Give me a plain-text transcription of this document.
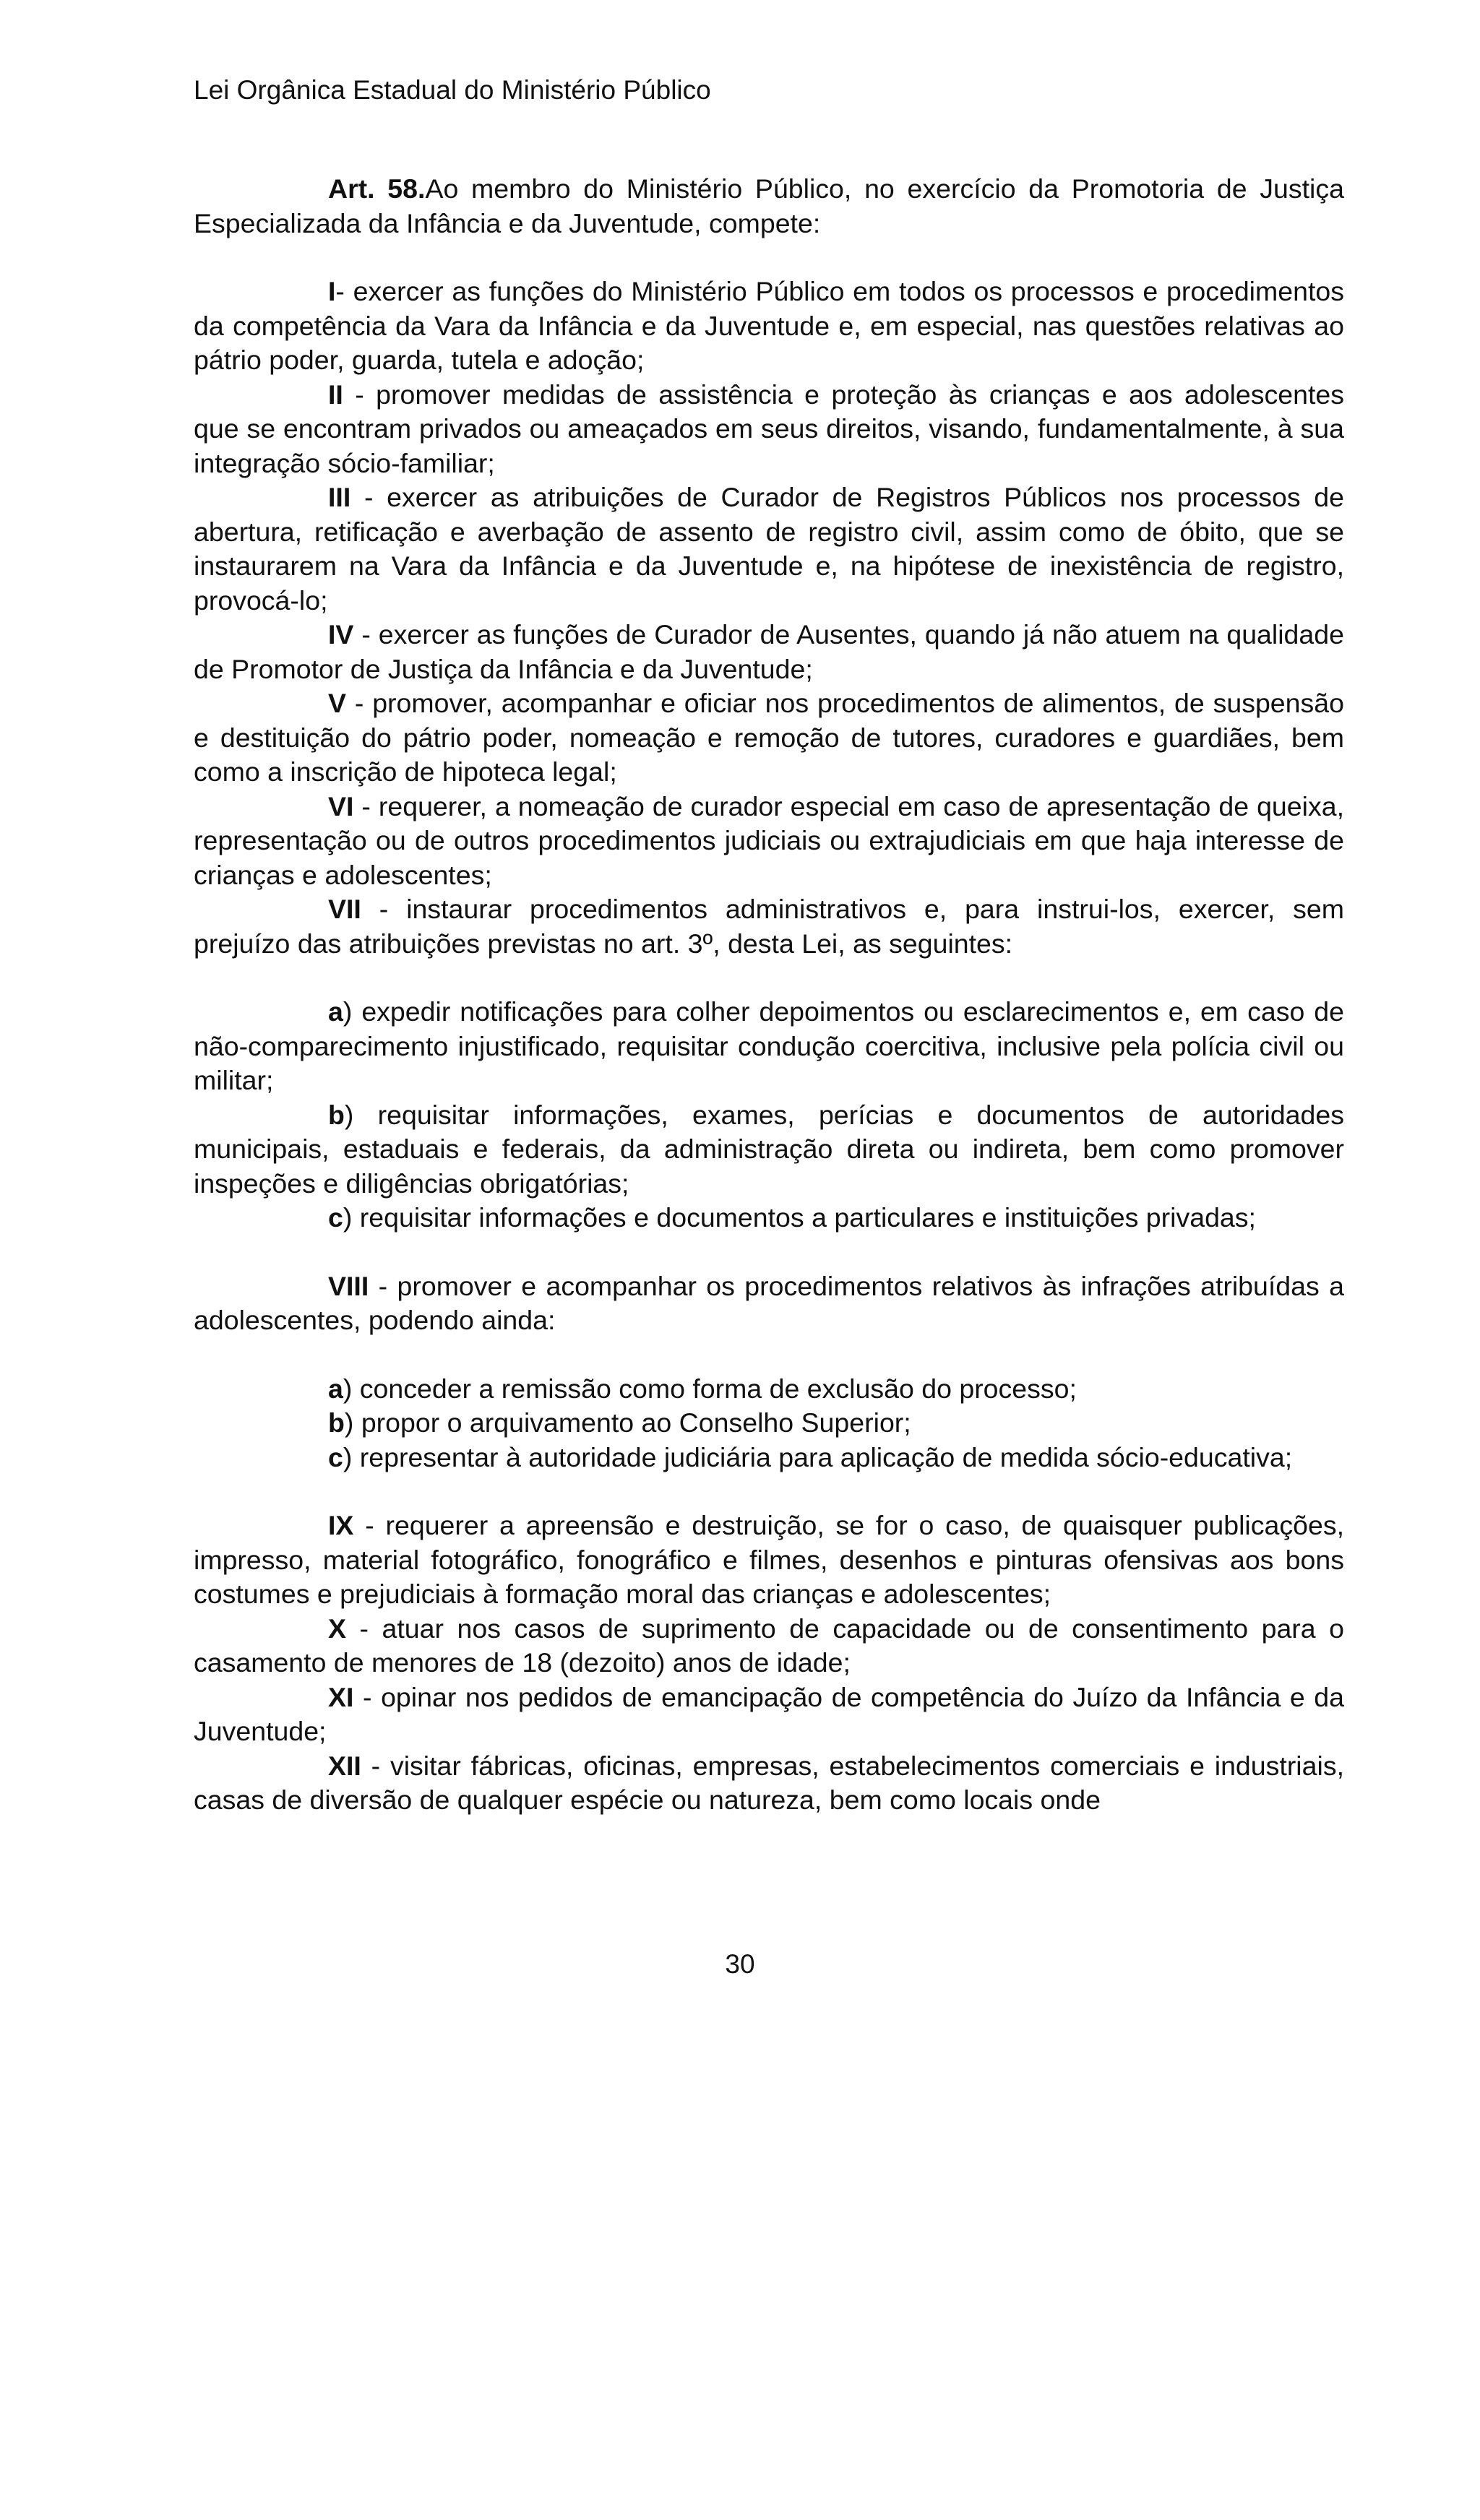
Lei Orgânica Estadual do Ministério Público

Art. 58.Ao membro do Ministério Público, no exercício da Promotoria de Justiça Especializada da Infância e da Juventude, compete:

I- exercer as funções do Ministério Público em todos os processos e procedimentos da competência da Vara da Infância e da Juventude e, em especial, nas questões relativas ao pátrio poder, guarda, tutela e adoção;

II - promover medidas de assistência e proteção às crianças e aos adolescentes que se encontram privados ou ameaçados em seus direitos, visando, fundamentalmente, à sua integração sócio-familiar;

III - exercer as atribuições de Curador de Registros Públicos nos processos de abertura, retificação e averbação de assento de registro civil, assim como de óbito, que se instaurarem na Vara da Infância e da Juventude e, na hipótese de inexistência de registro, provocá-lo;

IV - exercer as funções de Curador de Ausentes, quando já não atuem na qualidade de Promotor de Justiça da Infância e da Juventude;

V - promover, acompanhar e oficiar nos procedimentos de alimentos, de suspensão e destituição do pátrio poder, nomeação e remoção de tutores, curadores e guardiães, bem como a inscrição de hipoteca legal;

VI - requerer, a nomeação de curador especial em caso de apresentação de queixa, representação ou de outros procedimentos judiciais ou extrajudiciais em que haja interesse de crianças e adolescentes;

VII - instaurar procedimentos administrativos e, para instrui-los, exercer, sem prejuízo das atribuições previstas no art. 3º, desta Lei, as seguintes:

a) expedir notificações para colher depoimentos ou esclarecimentos e, em caso de não-comparecimento injustificado, requisitar condução coercitiva, inclusive pela polícia civil ou militar;

b) requisitar informações, exames, perícias e documentos de autoridades municipais, estaduais e federais, da administração direta ou indireta, bem como promover inspeções e diligências obrigatórias;

c) requisitar informações e documentos a particulares e instituições privadas;

VIII - promover e acompanhar os procedimentos relativos às infrações atribuídas a adolescentes, podendo ainda:

a) conceder a remissão como forma de exclusão do processo;

b) propor o arquivamento ao Conselho Superior;

c) representar à autoridade judiciária para aplicação de medida sócio-educativa;

IX - requerer a apreensão e destruição, se for o caso, de quaisquer publicações, impresso, material fotográfico, fonográfico e filmes, desenhos e pinturas ofensivas aos bons costumes e prejudiciais à formação moral das crianças e adolescentes;

X - atuar nos casos de suprimento de capacidade ou de consentimento para o casamento de menores de 18 (dezoito) anos de idade;

XI - opinar nos pedidos de emancipação de competência do Juízo da Infância e da Juventude;

XII - visitar fábricas, oficinas, empresas, estabelecimentos comerciais e industriais, casas de diversão de qualquer espécie ou natureza, bem como locais onde

30
